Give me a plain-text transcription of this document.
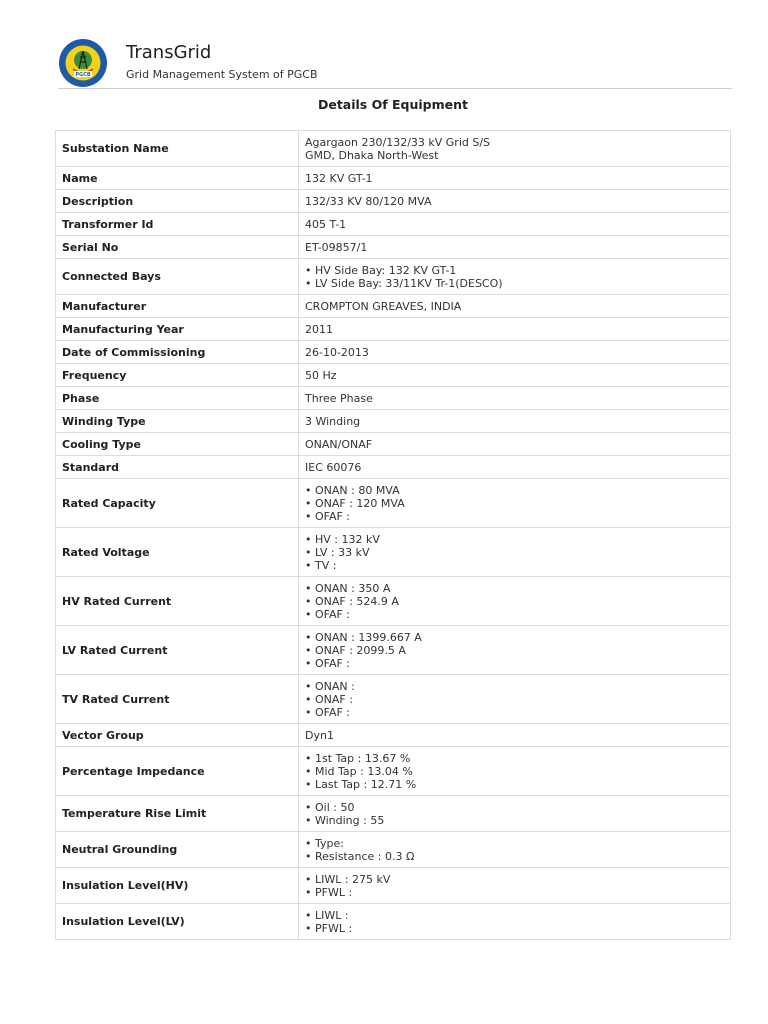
PGCB
TransGrid
Grid Management System of PGCB
Details Of Equipment
Substation Name	Agargaon 230/132/33 kV Grid S/S
GMD, Dhaka North-West

Name	132 KV GT-1

Description	132/33 KV 80/120 MVA

Transformer Id	405 T-1

Serial No	ET-09857/1

Connected Bays	• HV Side Bay: 132 KV GT-1
• LV Side Bay: 33/11KV Tr-1(DESCO)

Manufacturer	CROMPTON GREAVES, INDIA

Manufacturing Year	2011

Date of Commissioning	26-10-2013

Frequency	50 Hz

Phase	Three Phase

Winding Type	3 Winding

Cooling Type	ONAN/ONAF

Standard	IEC 60076

Rated Capacity	• ONAN : 80 MVA
• ONAF : 120 MVA
• OFAF :

Rated Voltage	• HV : 132 kV
• LV : 33 kV
• TV :

HV Rated Current	• ONAN : 350 A
• ONAF : 524.9 A
• OFAF :

LV Rated Current	• ONAN : 1399.667 A
• ONAF : 2099.5 A
• OFAF :

TV Rated Current	• ONAN :
• ONAF :
• OFAF :

Vector Group	Dyn1

Percentage Impedance	• 1st Tap : 13.67 %
• Mid Tap : 13.04 %
• Last Tap : 12.71 %

Temperature Rise Limit	• Oil : 50
• Winding : 55

Neutral Grounding	• Type:
• Resistance : 0.3 Ω

Insulation Level(HV)	• LIWL : 275 kV
• PFWL :

Insulation Level(LV)	• LIWL :
• PFWL :
